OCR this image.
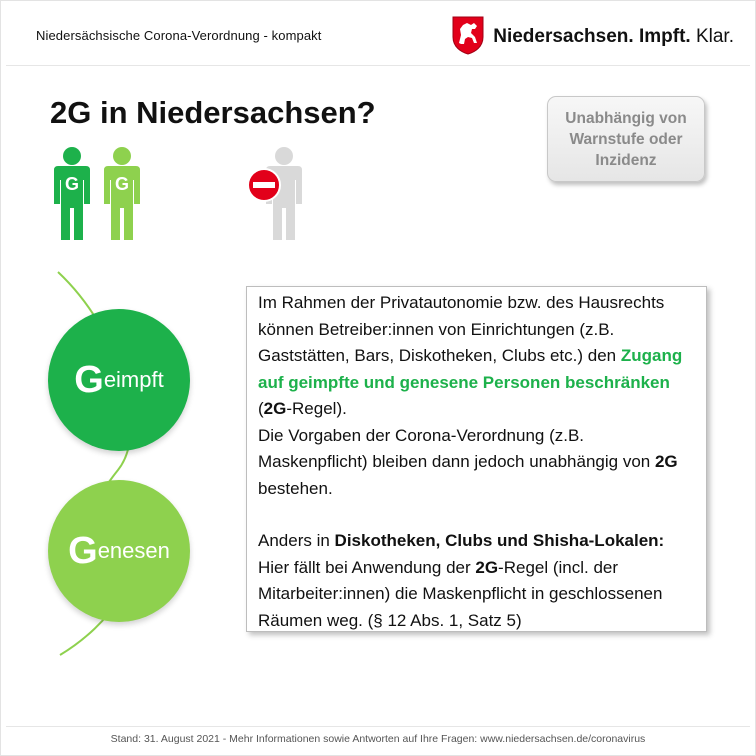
Niedersächsische Corona-Verordnung - kompakt	Niedersachsen. Impft. Klar.
2G in Niedersachsen?	Unabhängig von
Warnstufe oder
Inzidenz
G	G
G eimpft
G enesen

Im Rahmen der Privatautonomie bzw. des Hausrechts können Betreiber:innen von Einrichtungen (z.B. Gaststätten, Bars, Diskotheken, Clubs etc.) den Zugang auf geimpfte und genesene Personen beschränken (2G-Regel).

Die Vorgaben der Corona-Verordnung (z.B. Maskenpflicht) bleiben dann jedoch unabhängig von 2G bestehen.

Anders in Diskotheken, Clubs und Shisha-Lokalen: Hier fällt bei Anwendung der 2G-Regel (incl. der Mitarbeiter:innen) die Maskenpflicht in geschlossenen Räumen weg. (§ 12 Abs. 1, Satz 5)

Stand: 31. August 2021 - Mehr Informationen sowie Antworten auf Ihre Fragen: www.niedersachsen.de/coronavirus
